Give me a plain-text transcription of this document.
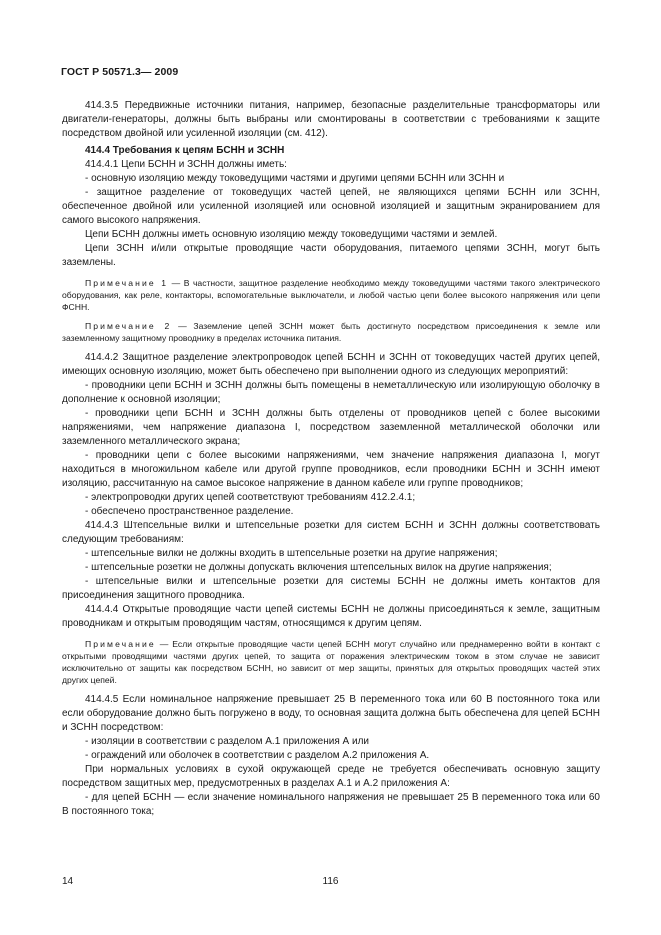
ГОСТ Р 50571.3— 2009

414.3.5 Передвижные источники питания, например, безопасные разделительные трансформаторы или двигатели-генераторы, должны быть выбраны или смонтированы в соответствии с требованиями к защите посредством двойной или усиленной изоляции (см. 412).

414.4 Требования к цепям БСНН и ЗСНН

414.4.1 Цепи БСНН и ЗСНН должны иметь:

- основную изоляцию между токоведущими частями и другими цепями БСНН или ЗСНН и

- защитное разделение от токоведущих частей цепей, не являющихся цепями БСНН или ЗСНН, обеспеченное двойной или усиленной изоляцией или основной изоляцией и защитным экранированием для самого высокого напряжения.

Цепи БСНН должны иметь основную изоляцию между токоведущими частями и землей.

Цепи ЗСНН и/или открытые проводящие части оборудования, питаемого цепями ЗСНН, могут быть заземлены.

Примечание 1 — В частности, защитное разделение необходимо между токоведущими частями такого электрического оборудования, как реле, контакторы, вспомогательные выключатели, и любой частью цепи более высокого напряжения или цепи ФСНН.

Примечание 2 — Заземление цепей ЗСНН может быть достигнуто посредством присоединения к земле или заземленному защитному проводнику в пределах источника питания.

414.4.2 Защитное разделение электропроводок цепей БСНН и ЗСНН от токоведущих частей других цепей, имеющих основную изоляцию, может быть обеспечено при выполнении одного из следующих мероприятий:

- проводники цепи БСНН и ЗСНН должны быть помещены в неметаллическую или изолирующую оболочку в дополнение к основной изоляции;

- проводники цепи БСНН и ЗСНН должны быть отделены от проводников цепей с более высокими напряжениями, чем напряжение диапазона I, посредством заземленной металлической оболочки или заземленного металлического экрана;

- проводники цепи с более высокими напряжениями, чем значение напряжения диапазона I, могут находиться в многожильном кабеле или другой группе проводников, если проводники БСНН и ЗСНН имеют изоляцию, рассчитанную на самое высокое напряжение в данном кабеле или группе проводников;

- электропроводки других цепей соответствуют требованиям 412.2.4.1;

- обеспечено пространственное разделение.

414.4.3 Штепсельные вилки и штепсельные розетки для систем БСНН и ЗСНН должны соответствовать следующим требованиям:

- штепсельные вилки не должны входить в штепсельные розетки на другие напряжения;

- штепсельные розетки не должны допускать включения штепсельных вилок на другие напряжения;

- штепсельные вилки и штепсельные розетки для системы БСНН не должны иметь контактов для присоединения защитного проводника.

414.4.4 Открытые проводящие части цепей системы БСНН не должны присоединяться к земле, защитным проводникам и открытым проводящим частям, относящимся к другим цепям.

Примечание — Если открытые проводящие части цепей БСНН могут случайно или преднамеренно войти в контакт с открытыми проводящими частями других цепей, то защита от поражения электрическим током в этом случае не зависит исключительно от защиты как посредством БСНН, но зависит от мер защиты, принятых для открытых проводящих частей этих других цепей.

414.4.5 Если номинальное напряжение превышает 25 В переменного тока или 60 В постоянного тока или если оборудование должно быть погружено в воду, то основная защита должна быть обеспечена для цепей БСНН и ЗСНН посредством:

- изоляции в соответствии с разделом А.1 приложения А или

- ограждений или оболочек в соответствии с разделом А.2 приложения А.

При нормальных условиях в сухой окружающей среде не требуется обеспечивать основную защиту посредством защитных мер, предусмотренных в разделах А.1 и А.2 приложения А:

- для цепей БСНН — если значение номинального напряжения не превышает 25 В переменного тока или 60 В постоянного тока;

14	116
